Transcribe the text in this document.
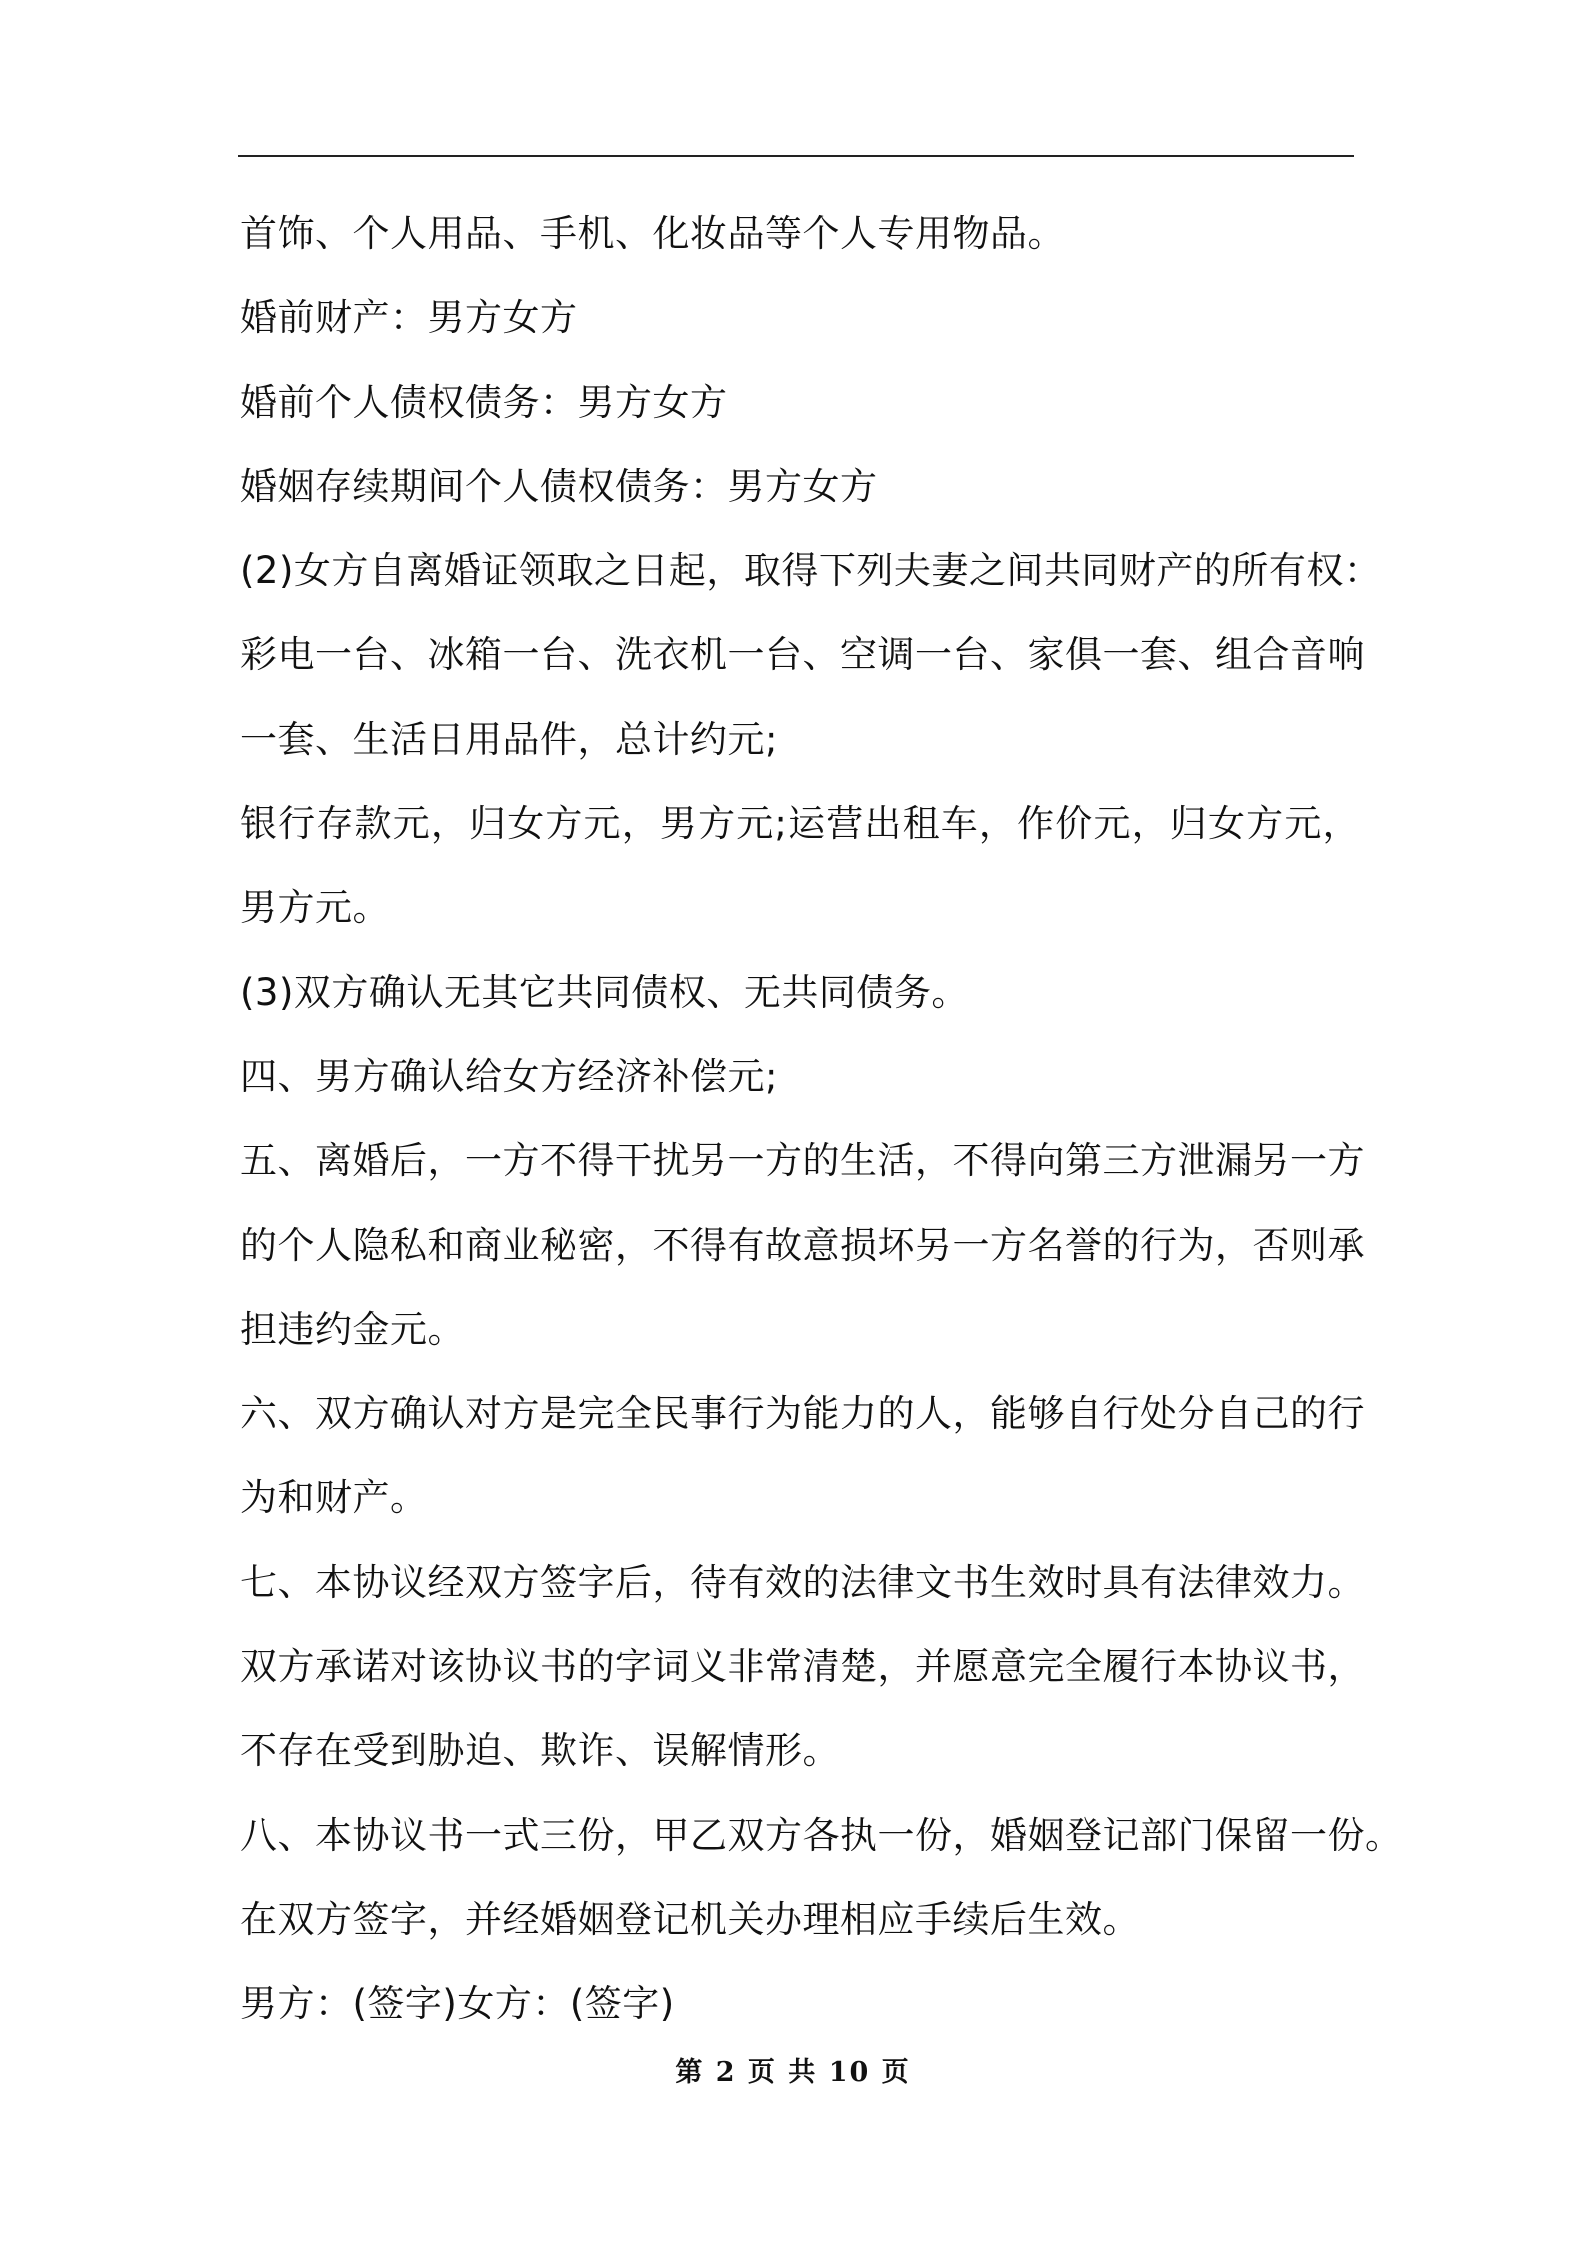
首饰、个人用品、手机、化妆品等个人专用物品。
婚前财产：男方女方
婚前个人债权债务：男方女方
婚姻存续期间个人债权债务：男方女方
(2)女方自离婚证领取之日起，取得下列夫妻之间共同财产的所有权：
彩电一台、冰箱一台、洗衣机一台、空调一台、家俱一套、组合音响
一套、生活日用品件，总计约元;
银行存款元，归女方元，男方元;运营出租车，作价元，归女方元，
男方元。
(3)双方确认无其它共同债权、无共同债务。
四、男方确认给女方经济补偿元;
五、离婚后，一方不得干扰另一方的生活，不得向第三方泄漏另一方
的个人隐私和商业秘密，不得有故意损坏另一方名誉的行为，否则承
担违约金元。
六、双方确认对方是完全民事行为能力的人，能够自行处分自己的行
为和财产。
七、本协议经双方签字后，待有效的法律文书生效时具有法律效力。
双方承诺对该协议书的字词义非常清楚，并愿意完全履行本协议书，
不存在受到胁迫、欺诈、误解情形。
八、本协议书一式三份，甲乙双方各执一份，婚姻登记部门保留一份。
在双方签字，并经婚姻登记机关办理相应手续后生效。
男方：(签字)女方：(签字)
第 2 页 共 10 页
